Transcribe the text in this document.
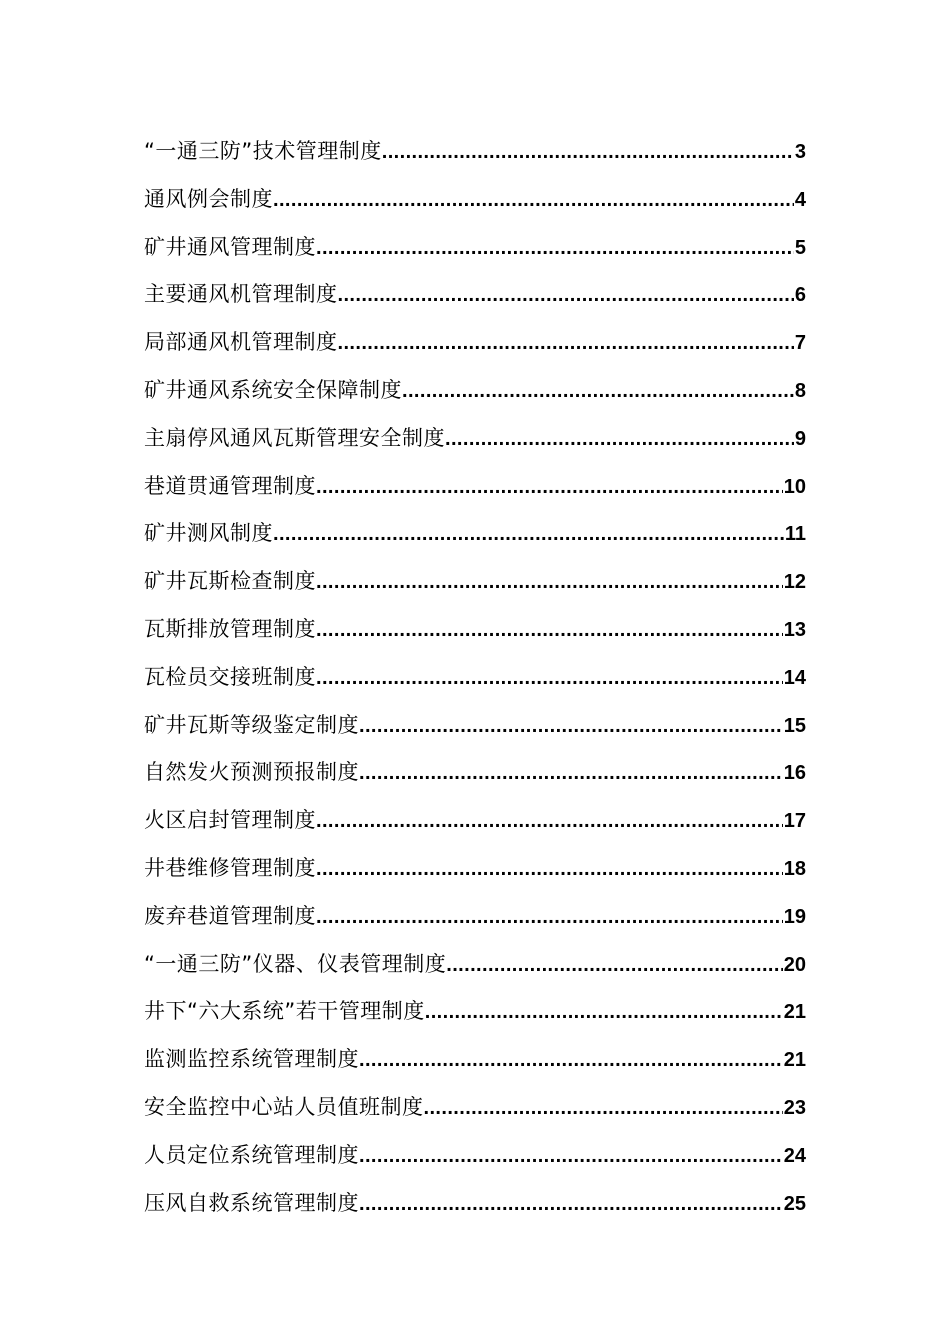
“一通三防”技术管理制度 .....	3
通风例会制度 .....	4
矿井通风管理制度 .....	5
主要通风机管理制度 .....	6
局部通风机管理制度 .....	7
矿井通风系统安全保障制度 .....	8
主扇停风通风瓦斯管理安全制度 .....	9
巷道贯通管理制度 .....	10
矿井测风制度 .....	11
矿井瓦斯检查制度 .....	12
瓦斯排放管理制度 .....	13
瓦检员交接班制度 .....	14
矿井瓦斯等级鉴定制度 .....	15
自然发火预测预报制度 .....	16
火区启封管理制度 .....	17
井巷维修管理制度 .....	18
废弃巷道管理制度 .....	19
“一通三防”仪器、仪表管理制度 .....	20
井下“六大系统”若干管理制度 .....	21
监测监控系统管理制度 .....	21
安全监控中心站人员值班制度 .....	23
人员定位系统管理制度 .....	24
压风自救系统管理制度 .....	25
